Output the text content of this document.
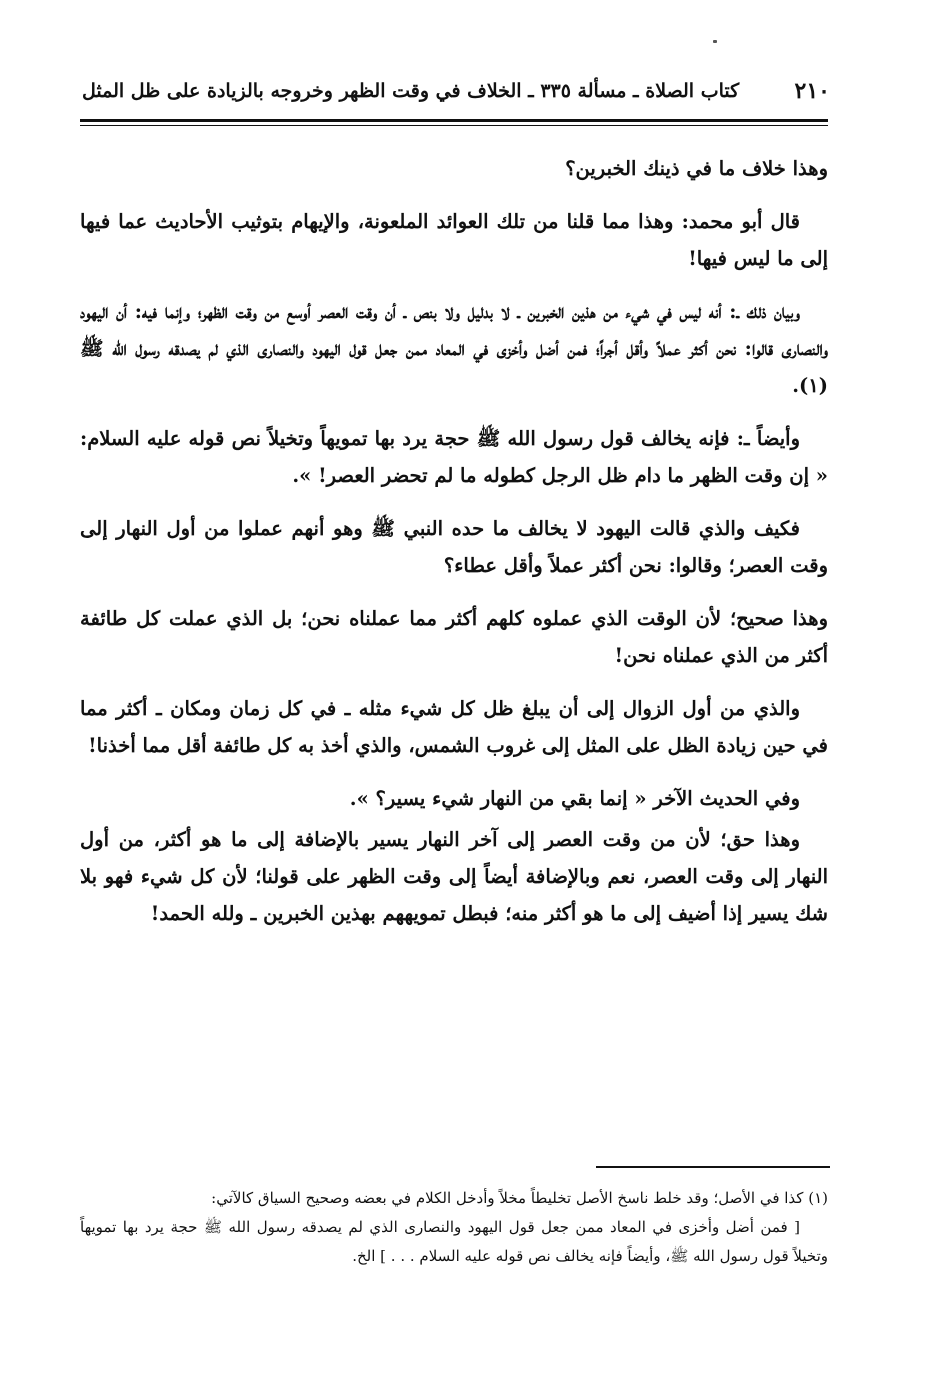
٢١٠
كتاب الصلاة ـ مسألة ٣٣٥ ـ الخلاف في وقت الظهر وخروجه بالزيادة على ظل المثل

وهذا خلاف ما في ذينك الخبرين؟

قال أبو محمد: وهذا مما قلنا من تلك العوائد الملعونة، والإيهام بتوثيب الأحاديث عما فيها إلى ما ليس فيها!

وبيان ذلك ـ: أنه ليس في شيء من هذين الخبرين ـ لا بدليل ولا بنص ـ أن وقت العصر أوسع من وقت الظهر؛ وإنما فيه: أن اليهود والنصارى قالوا: نحن أكثر عملاً وأقل أجراً؛ فمن أضل وأخزى في المعاد ممن جعل قول اليهود والنصارى الذي لم يصدقه رسول الله ﷺ (١).

وأيضاً ـ: فإنه يخالف قول رسول الله ﷺ حجة يرد بها تمويهاً وتخيلاً نص قوله عليه السلام: « إن وقت الظهر ما دام ظل الرجل كطوله ما لم تحضر العصر! ».

فكيف والذي قالت اليهود لا يخالف ما حده النبي ﷺ وهو أنهم عملوا من أول النهار إلى وقت العصر؛ وقالوا: نحن أكثر عملاً وأقل عطاء؟

وهذا صحيح؛ لأن الوقت الذي عملوه كلهم أكثر مما عملناه نحن؛ بل الذي عملت كل طائفة أكثر من الذي عملناه نحن!

والذي من أول الزوال إلى أن يبلغ ظل كل شيء مثله ـ في كل زمان ومكان ـ أكثر مما في حين زيادة الظل على المثل إلى غروب الشمس، والذي أخذ به كل طائفة أقل مما أخذنا!

وفي الحديث الآخر « إنما بقي من النهار شيء يسير؟ ».

وهذا حق؛ لأن من وقت العصر إلى آخر النهار يسير بالإضافة إلى ما هو أكثر، من أول النهار إلى وقت العصر، نعم وبالإضافة أيضاً إلى وقت الظهر على قولنا؛ لأن كل شيء فهو بلا شك يسير إذا أضيف إلى ما هو أكثر منه؛ فبطل تمويههم بهذين الخبرين ـ ولله الحمد!

(١) كذا في الأصل؛ وقد خلط ناسخ الأصل تخليطاً مخلاً وأدخل الكلام في بعضه وصحيح السياق كالآتي:

[ فمن أضل وأخزى في المعاد ممن جعل قول اليهود والنصارى الذي لم يصدقه رسول الله ﷺ حجة يرد بها تمويهاً وتخيلاً قول رسول الله ﷺ، وأيضاً فإنه يخالف نص قوله عليه السلام . . . ] الخ.
